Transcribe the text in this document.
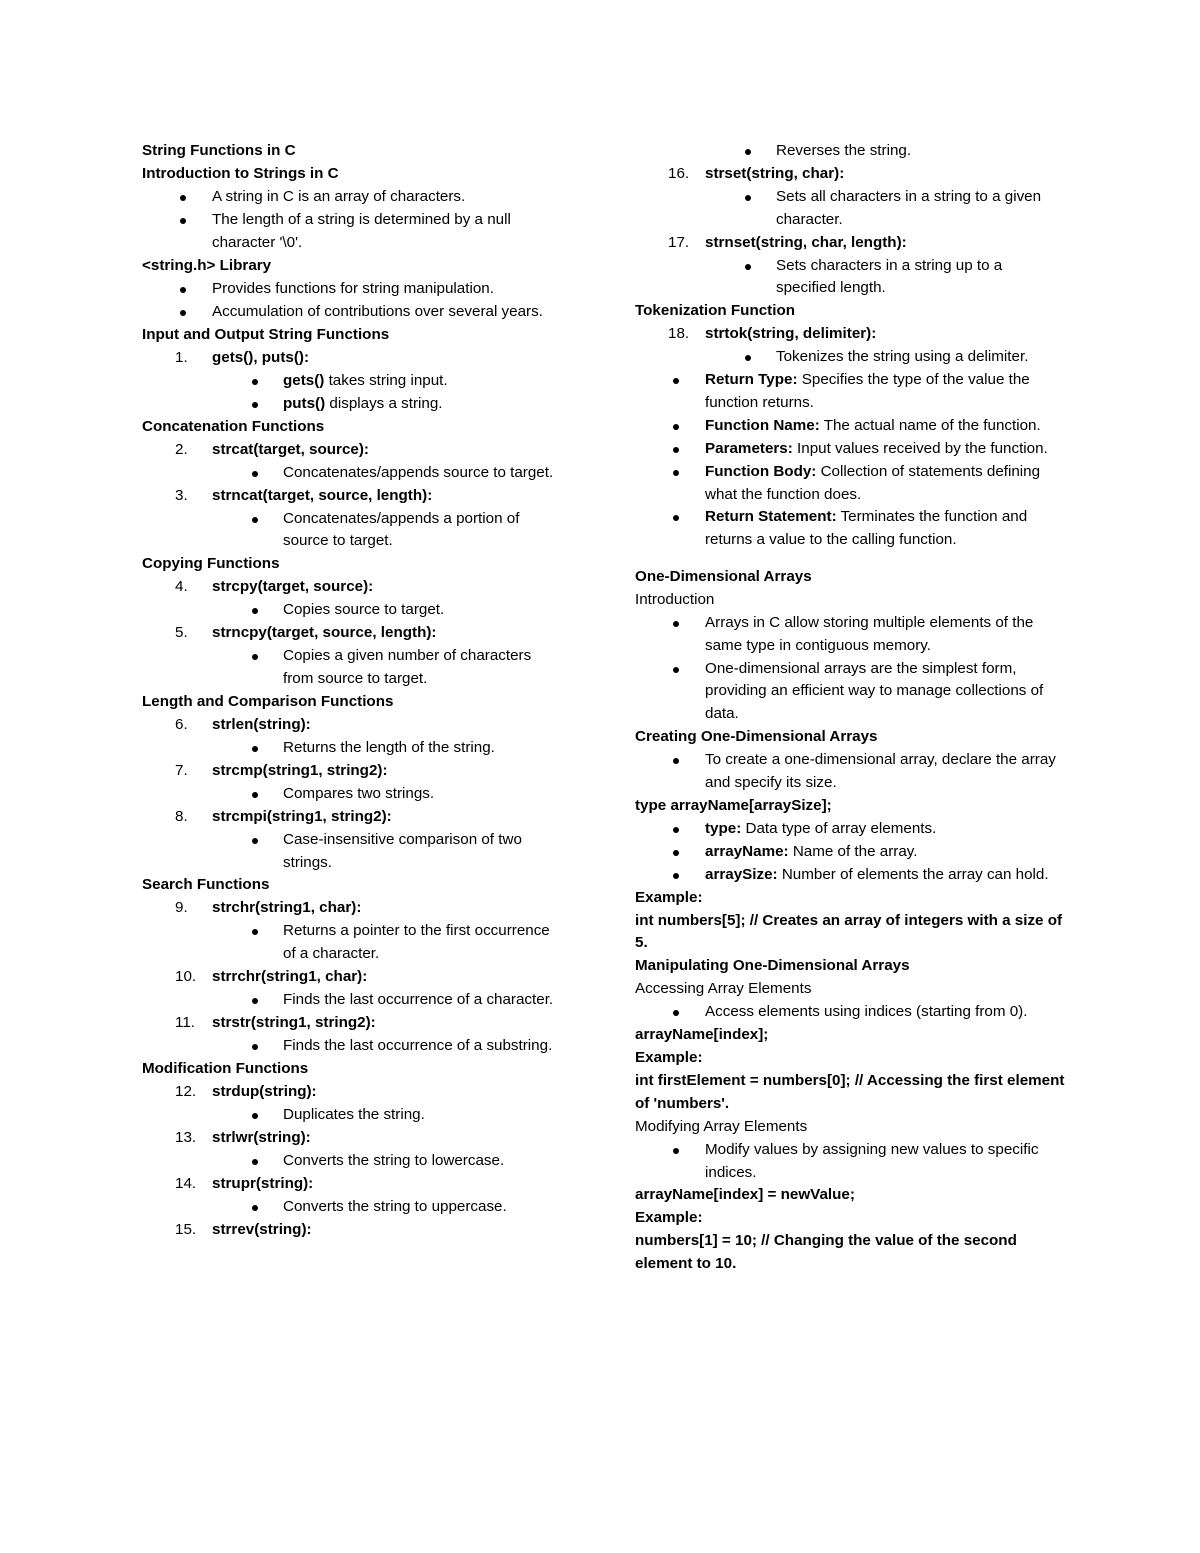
String Functions in C
Introduction to Strings in C
A string in C is an array of characters.
The length of a string is determined by a null character '\0'.
<string.h> Library
Provides functions for string manipulation.
Accumulation of contributions over several years.
Input and Output String Functions
1.	gets(), puts():
gets() takes string input.
puts() displays a string.
Concatenation Functions
2.	strcat(target, source):
Concatenates/appends source to target.
3.	strncat(target, source, length):
Concatenates/appends a portion of source to target.
Copying Functions
4.	strcpy(target, source):
Copies source to target.
5.	strncpy(target, source, length):
Copies a given number of characters from source to target.
Length and Comparison Functions
6.	strlen(string):
Returns the length of the string.
7.	strcmp(string1, string2):
Compares two strings.
8.	strcmpi(string1, string2):
Case-insensitive comparison of two strings.
Search Functions
9.	strchr(string1, char):
Returns a pointer to the first occurrence of a character.
10.	strrchr(string1, char):
Finds the last occurrence of a character.
11.	strstr(string1, string2):
Finds the last occurrence of a substring.
Modification Functions
12.	strdup(string):
Duplicates the string.
13.	strlwr(string):
Converts the string to lowercase.
14.	strupr(string):
Converts the string to uppercase.
15.	strrev(string):
Reverses the string.
16.	strset(string, char):
Sets all characters in a string to a given character.
17.	strnset(string, char, length):
Sets characters in a string up to a specified length.
Tokenization Function
18.	strtok(string, delimiter):
Tokenizes the string using a delimiter.
Return Type: Specifies the type of the value the function returns.
Function Name: The actual name of the function.
Parameters: Input values received by the function.
Function Body: Collection of statements defining what the function does.
Return Statement: Terminates the function and returns a value to the calling function.
One-Dimensional Arrays
Introduction
Arrays in C allow storing multiple elements of the same type in contiguous memory.
One-dimensional arrays are the simplest form, providing an efficient way to manage collections of data.
Creating One-Dimensional Arrays
To create a one-dimensional array, declare the array and specify its size.
type arrayName[arraySize];
type: Data type of array elements.
arrayName: Name of the array.
arraySize: Number of elements the array can hold.
Example:
int numbers[5]; // Creates an array of integers with a size of 5.
Manipulating One-Dimensional Arrays
Accessing Array Elements
Access elements using indices (starting from 0).
arrayName[index];
Example:
int firstElement = numbers[0]; // Accessing the first element of 'numbers'.
Modifying Array Elements
Modify values by assigning new values to specific indices.
arrayName[index] = newValue;
Example:
numbers[1] = 10; // Changing the value of the second element to 10.
